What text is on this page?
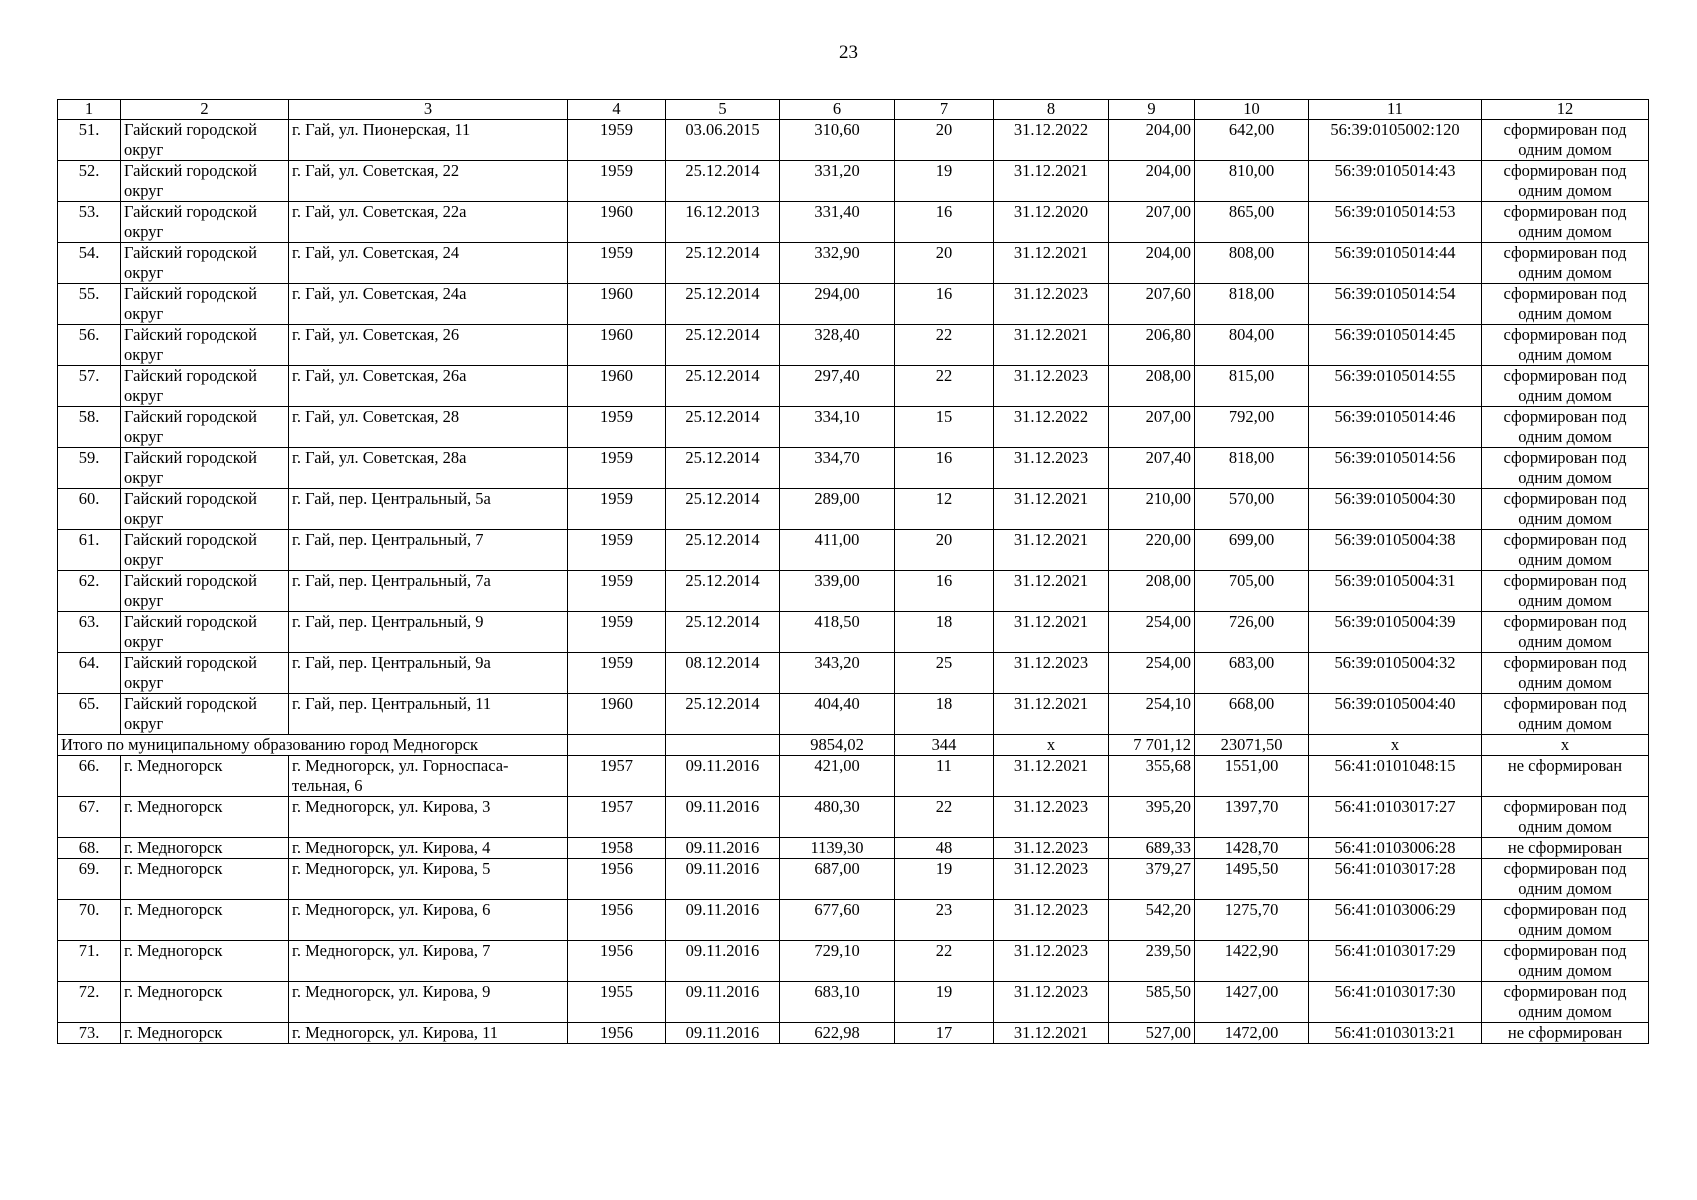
23
1	2	3	4	5	6	7	8	9	10	11	12
51.	Гайский городской округ	г. Гай, ул. Пионерская, 11	1959	03.06.2015	310,60	20	31.12.2022	204,00	642,00	56:39:0105002:120	сформирован под одним домом
52.	Гайский городской округ	г. Гай, ул. Советская, 22	1959	25.12.2014	331,20	19	31.12.2021	204,00	810,00	56:39:0105014:43	сформирован под одним домом
53.	Гайский городской округ	г. Гай, ул. Советская, 22а	1960	16.12.2013	331,40	16	31.12.2020	207,00	865,00	56:39:0105014:53	сформирован под одним домом
54.	Гайский городской округ	г. Гай, ул. Советская, 24	1959	25.12.2014	332,90	20	31.12.2021	204,00	808,00	56:39:0105014:44	сформирован под одним домом
55.	Гайский городской округ	г. Гай, ул. Советская, 24а	1960	25.12.2014	294,00	16	31.12.2023	207,60	818,00	56:39:0105014:54	сформирован под одним домом
56.	Гайский городской округ	г. Гай, ул. Советская, 26	1960	25.12.2014	328,40	22	31.12.2021	206,80	804,00	56:39:0105014:45	сформирован под одним домом
57.	Гайский городской округ	г. Гай, ул. Советская, 26а	1960	25.12.2014	297,40	22	31.12.2023	208,00	815,00	56:39:0105014:55	сформирован под одним домом
58.	Гайский городской округ	г. Гай, ул. Советская, 28	1959	25.12.2014	334,10	15	31.12.2022	207,00	792,00	56:39:0105014:46	сформирован под одним домом
59.	Гайский городской округ	г. Гай, ул. Советская, 28а	1959	25.12.2014	334,70	16	31.12.2023	207,40	818,00	56:39:0105014:56	сформирован под одним домом
60.	Гайский городской округ	г. Гай, пер. Центральный, 5а	1959	25.12.2014	289,00	12	31.12.2021	210,00	570,00	56:39:0105004:30	сформирован под одним домом
61.	Гайский городской округ	г. Гай, пер. Центральный, 7	1959	25.12.2014	411,00	20	31.12.2021	220,00	699,00	56:39:0105004:38	сформирован под одним домом
62.	Гайский городской округ	г. Гай, пер. Центральный, 7а	1959	25.12.2014	339,00	16	31.12.2021	208,00	705,00	56:39:0105004:31	сформирован под одним домом
63.	Гайский городской округ	г. Гай, пер. Центральный, 9	1959	25.12.2014	418,50	18	31.12.2021	254,00	726,00	56:39:0105004:39	сформирован под одним домом
64.	Гайский городской округ	г. Гай, пер. Центральный, 9а	1959	08.12.2014	343,20	25	31.12.2023	254,00	683,00	56:39:0105004:32	сформирован под одним домом
65.	Гайский городской округ	г. Гай, пер. Центральный, 11	1960	25.12.2014	404,40	18	31.12.2021	254,10	668,00	56:39:0105004:40	сформирован под одним домом
Итого по муниципальному образованию город Медногорск					9854,02	344	x	7 701,12	23071,50	x	x
66.	г. Медногорск	г. Медногорск, ул. Горноспаса-тельная, 6	1957	09.11.2016	421,00	11	31.12.2021	355,68	1551,00	56:41:0101048:15	не сформирован
67.	г. Медногорск	г. Медногорск, ул. Кирова, 3	1957	09.11.2016	480,30	22	31.12.2023	395,20	1397,70	56:41:0103017:27	сформирован под одним домом
68.	г. Медногорск	г. Медногорск, ул. Кирова, 4	1958	09.11.2016	1139,30	48	31.12.2023	689,33	1428,70	56:41:0103006:28	не сформирован
69.	г. Медногорск	г. Медногорск, ул. Кирова, 5	1956	09.11.2016	687,00	19	31.12.2023	379,27	1495,50	56:41:0103017:28	сформирован под одним домом
70.	г. Медногорск	г. Медногорск, ул. Кирова, 6	1956	09.11.2016	677,60	23	31.12.2023	542,20	1275,70	56:41:0103006:29	сформирован под одним домом
71.	г. Медногорск	г. Медногорск, ул. Кирова, 7	1956	09.11.2016	729,10	22	31.12.2023	239,50	1422,90	56:41:0103017:29	сформирован под одним домом
72.	г. Медногорск	г. Медногорск, ул. Кирова, 9	1955	09.11.2016	683,10	19	31.12.2023	585,50	1427,00	56:41:0103017:30	сформирован под одним домом
73.	г. Медногорск	г. Медногорск, ул. Кирова, 11	1956	09.11.2016	622,98	17	31.12.2021	527,00	1472,00	56:41:0103013:21	не сформирован
